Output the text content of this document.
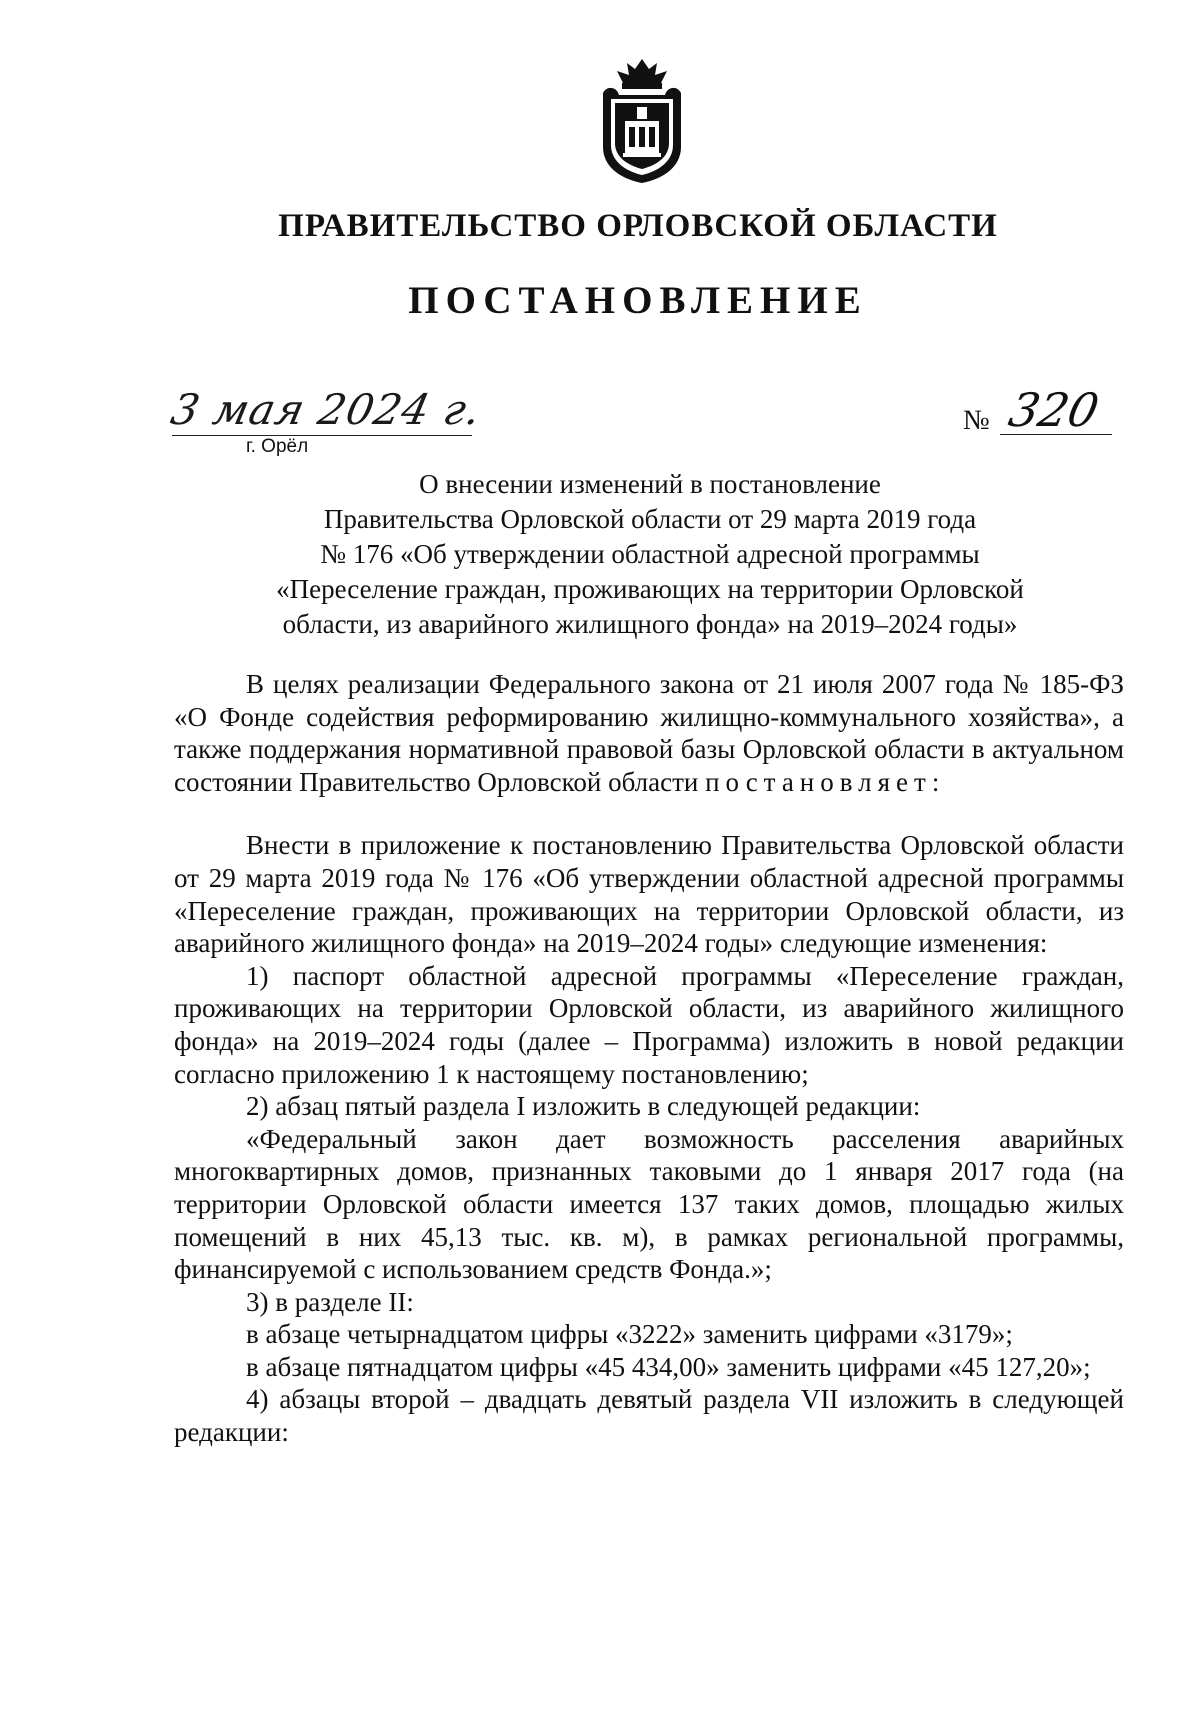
ПРАВИТЕЛЬСТВО ОРЛОВСКОЙ ОБЛАСТИ
ПОСТАНОВЛЕНИЕ
3 мая 2024 г.
г. Орёл
№ 320
О внесении изменений в постановление
Правительства Орловской области от 29 марта 2019 года
№ 176 «Об утверждении областной адресной программы
«Переселение граждан, проживающих на территории Орловской
области, из аварийного жилищного фонда» на 2019–2024 годы»

В целях реализации Федерального закона от 21 июля 2007 года № 185-ФЗ «О Фонде содействия реформированию жилищно-коммунального хозяйства», а также поддержания нормативной правовой базы Орловской области в актуальном состоянии Правительство Орловской области постановляет:

Внести в приложение к постановлению Правительства Орловской области от 29 марта 2019 года № 176 «Об утверждении областной адресной программы «Переселение граждан, проживающих на территории Орловской области, из аварийного жилищного фонда» на 2019–2024 годы» следующие изменения:

1) паспорт областной адресной программы «Переселение граждан, проживающих на территории Орловской области, из аварийного жилищного фонда» на 2019–2024 годы (далее – Программа) изложить в новой редакции согласно приложению 1 к настоящему постановлению;

2) абзац пятый раздела I изложить в следующей редакции:

«Федеральный закон дает возможность расселения аварийных многоквартирных домов, признанных таковыми до 1 января 2017 года (на территории Орловской области имеется 137 таких домов, площадью жилых помещений в них 45,13 тыс. кв. м), в рамках региональной программы, финансируемой с использованием средств Фонда.»;

3) в разделе II:

в абзаце четырнадцатом цифры «3222» заменить цифрами «3179»;

в абзаце пятнадцатом цифры «45 434,00» заменить цифрами «45 127,20»;

4) абзацы второй – двадцать девятый раздела VII изложить в следующей редакции:
